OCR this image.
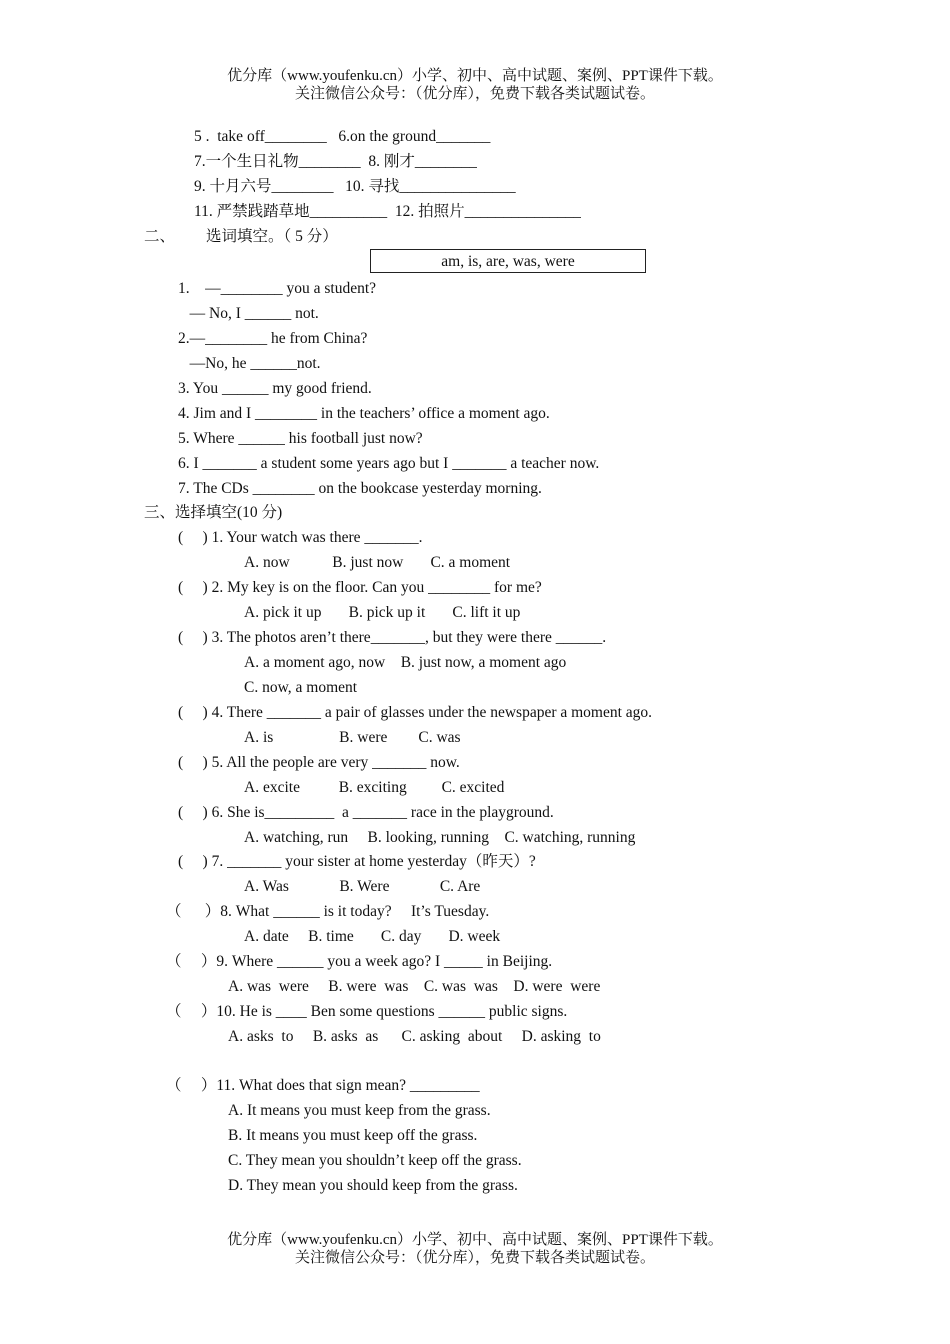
优分库（www.youfenku.cn）小学、初中、高中试题、案例、PPT课件下载。
关注微信公众号：（优分库），免费下载各类试题试卷。
5 .  take off________   6.on the ground_______
7.一个生日礼物________  8. 刚才________
9. 十月六号________   10. 寻找_______________
11. 严禁践踏草地__________  12. 拍照片_______________
二、        选词填空。（ 5 分）
am, is, are, was, were
1.    —________ you a student?
— No, I ______ not.
2.—________ he from China?
—No, he ______not.
3. You ______ my good friend.
4. Jim and I ________ in the teachers’ office a moment ago.
5. Where ______ his football just now?
6. I _______ a student some years ago but I _______ a teacher now.
7. The CDs ________ on the bookcase yesterday morning.
三、选择填空(10 分)
(     ) 1. Your watch was there _______.
A. now           B. just now       C. a moment
(     ) 2. My key is on the floor. Can you ________ for me?
A. pick it up       B. pick up it       C. lift it up
(     ) 3. The photos aren’t there_______, but they were there ______.
A. a moment ago, now    B. just now, a moment ago
C. now, a moment
(     ) 4. There _______ a pair of glasses under the newspaper a moment ago.
A. is                 B. were        C. was
(     ) 5. All the people are very _______ now.
A. excite          B. exciting         C. excited
(     ) 6. She is_________  a _______ race in the playground.
A. watching, run     B. looking, running    C. watching, running
(     ) 7. _______ your sister at home yesterday（昨天）?
A. Was             B. Were             C. Are
（      ）8. What ______ is it today?     It’s Tuesday.
A. date     B. time       C. day       D. week
（     ）9. Where ______ you a week ago? I _____ in Beijing.
A. was  were     B. were  was    C. was  was    D. were  were
（     ）10. He is ____ Ben some questions ______ public signs.
A. asks  to     B. asks  as      C. asking  about     D. asking  to
（     ）11. What does that sign mean? _________
A. It means you must keep from the grass.
B. It means you must keep off the grass.
C. They mean you shouldn’t keep off the grass.
D. They mean you should keep from the grass.
优分库（www.youfenku.cn）小学、初中、高中试题、案例、PPT课件下载。
关注微信公众号：（优分库），免费下载各类试题试卷。
